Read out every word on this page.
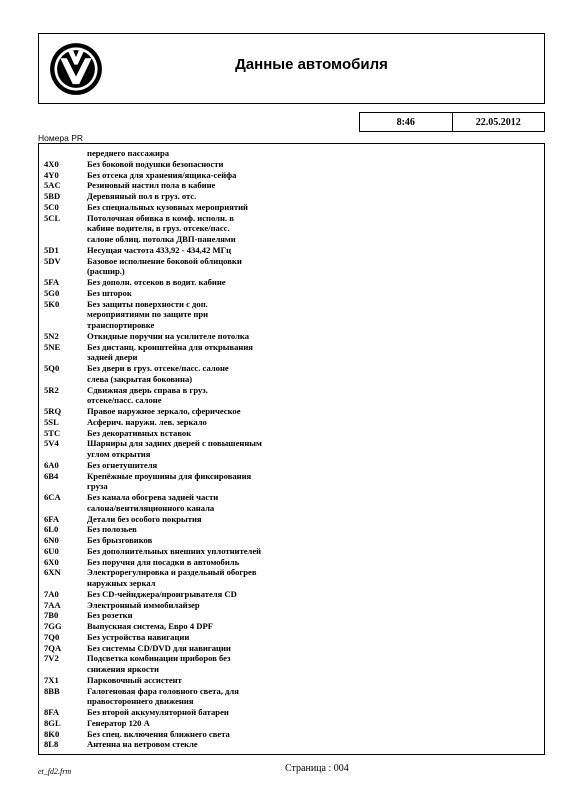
Данные автомобиля
8:46	22.05.2012
Номера PR
переднего пассажира
4X0	Без боковой подушки безопасности
4Y0	Без отсека для хранения/ящика-сейфа
5AC	Резиновый настил пола в кабине
5BD	Деревянный пол в груз. отс.
5C0	Без специальных кузовных мероприятий
5CL	Потолочная обивка в комф. исполн. в
кабине водителя, в груз. отсеке/пасс.
салоне облиц. потолка ДВП-панелями
5D1	Несущая частота 433,92 - 434,42 МГц
5DV	Базовое исполнение боковой облицовки
(расшир.)
5FA	Без дополн. отсеков в водит. кабине
5G0	Без шторок
5K0	Без защиты поверхности с доп.
мероприятиями по защите при
транспортировке
5N2	Откидные поручни на усилителе потолка
5NE	Без дистанц. кронштейна для открывания
задней двери
5Q0	Без двери в груз. отсеке/пасс. салоне
слева (закрытая боковина)
5R2	Сдвижная дверь справа в груз.
отсеке/пасс. салоне
5RQ	Правое наружное зеркало, сферическое
5SL	Асферич. наружн. лев. зеркало
5TC	Без декоративных вставок
5V4	Шарниры для задних дверей с повышенным
углом открытия
6A0	Без огнетушителя
6B4	Крепёжные проушины для фиксирования
груза
6CA	Без канала обогрева задней части
салона/вентиляционного канала
6FA	Детали без особого покрытия
6L0	Без полозьев
6N0	Без брызговиков
6U0	Без дополнительных внешних уплотнителей
6X0	Без поручня для посадки в автомобиль
6XN	Электрорегулировка и раздельный обогрев
наружных зеркал
7A0	Без CD-чейнджера/проигрывателя CD
7AA	Электронный иммобилайзер
7B0	Без розетки
7GG	Выпускная система, Евро 4 DPF
7Q0	Без устройства навигации
7QA	Без системы CD/DVD для навигации
7V2	Подсветка комбинации приборов без
снижения яркости
7X1	Парковочный ассистент
8BB	Галогеновая фара головного света, для
правостороннего движения
8FA	Без второй аккумуляторной батареи
8GL	Генератор 120 А
8K0	Без спец. включения ближнего света
8L8	Антенна на ветровом стекле
et_fd2.frm	Страница : 004
